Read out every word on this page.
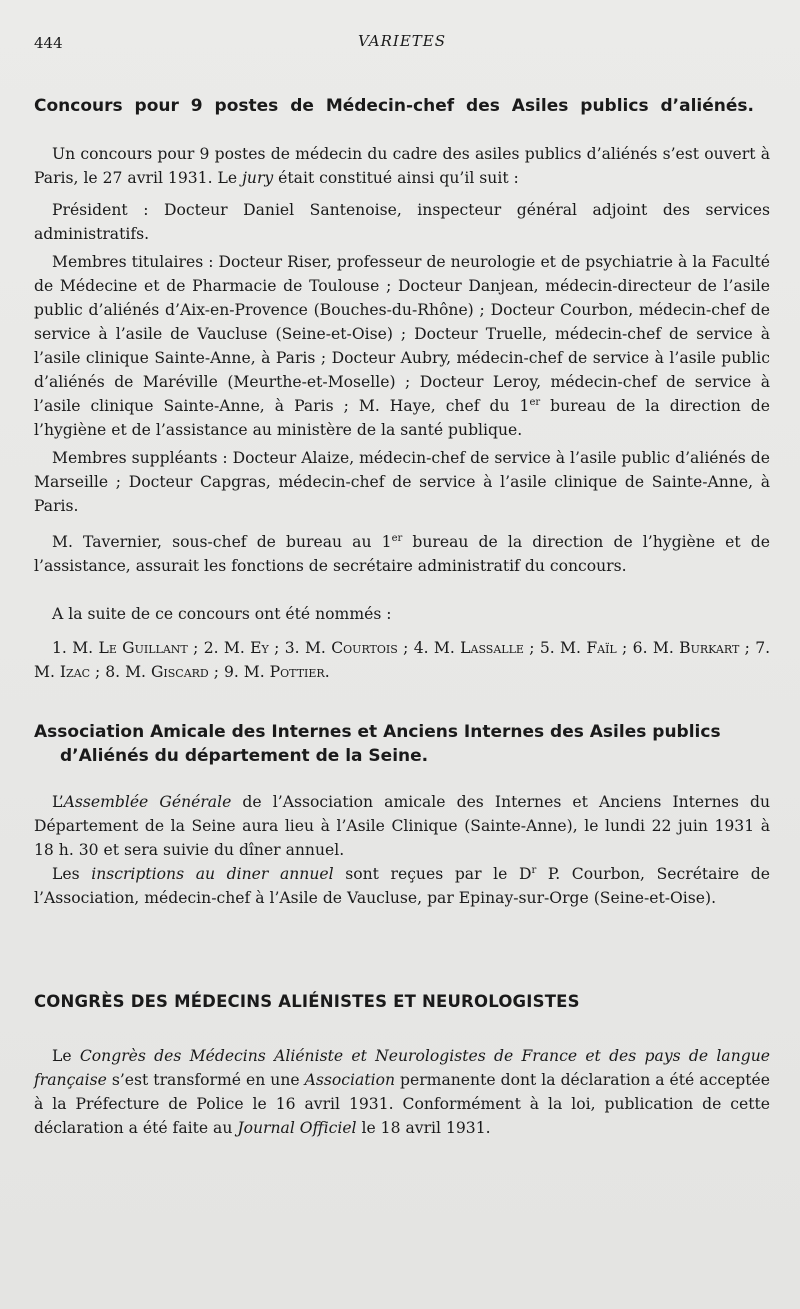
444	VARIETES
Concours pour 9 postes de Médecin-chef des Asiles publics d’aliénés.

Un concours pour 9 postes de médecin du cadre des asiles publics d’aliénés s’est ouvert à Paris, le 27 avril 1931. Le jury était constitué ainsi qu’il suit :

Président : Docteur Daniel Santenoise, inspecteur général adjoint des services administratifs.

Membres titulaires : Docteur Riser, professeur de neurologie et de psychiatrie à la Faculté de Médecine et de Pharmacie de Toulouse ; Docteur Danjean, médecin-directeur de l’asile public d’aliénés d’Aix-en-Provence (Bouches-du-Rhône) ; Docteur Courbon, médecin-chef de service à l’asile de Vaucluse (Seine-et-Oise) ; Docteur Truelle, médecin-chef de service à l’asile clinique Sainte-Anne, à Paris ; Docteur Aubry, médecin-chef de service à l’asile public d’aliénés de Maréville (Meurthe-et-Moselle) ; Docteur Leroy, médecin-chef de service à l’asile clinique Sainte-Anne, à Paris ; M. Haye, chef du 1er bureau de la direction de l’hygiène et de l’assistance au ministère de la santé publique.

Membres suppléants : Docteur Alaize, médecin-chef de service à l’asile public d’aliénés de Marseille ; Docteur Capgras, médecin-chef de service à l’asile clinique de Sainte-Anne, à Paris.

M. Tavernier, sous-chef de bureau au 1er bureau de la direction de l’hygiène et de l’assistance, assurait les fonctions de secrétaire administratif du concours.

A la suite de ce concours ont été nommés :

1. M. Le Guillant ; 2. M. Ey ; 3. M. Courtois ; 4. M. Lassalle ; 5. M. Faïl ; 6. M. Burkart ; 7. M. Izac ; 8. M. Giscard ; 9. M. Pottier.

Association Amicale des Internes et Anciens Internes des Asiles publics d’Aliénés du département de la Seine.

L’Assemblée Générale de l’Association amicale des Internes et Anciens Internes du Département de la Seine aura lieu à l’Asile Clinique (Sainte-Anne), le lundi 22 juin 1931 à 18 h. 30 et sera suivie du dîner annuel.

Les inscriptions au diner annuel sont reçues par le $D^r$ P. Courbon, Secrétaire de l’Association, médecin-chef à l’Asile de Vaucluse, par Epinay-sur-Orge (Seine-et-Oise).

CONGRÈS DES MÉDECINS ALIÉNISTES ET NEUROLOGISTES

Le Congrès des Médecins Aliéniste et Neurologistes de France et des pays de langue française s’est transformé en une Association permanente dont la déclaration a été acceptée à la Préfecture de Police le 16 avril 1931. Conformément à la loi, publication de cette déclaration a été faite au Journal Officiel le 18 avril 1931.
